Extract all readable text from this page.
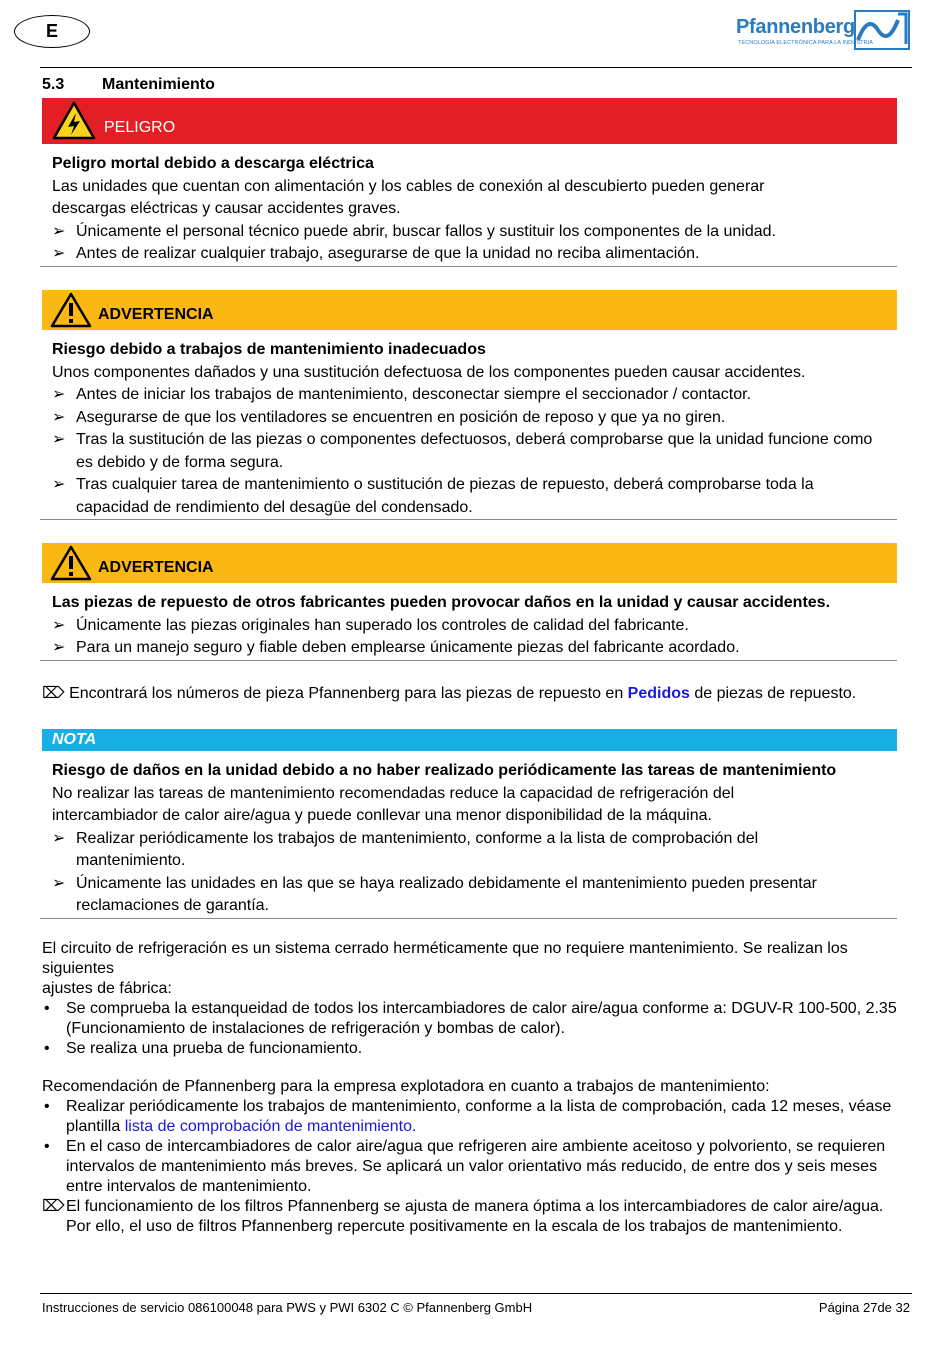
E	Pfannenberg
TECNOLOGÍA ELECTRÓNICA PARA LA INDUSTRIA
5.3 Mantenimiento
PELIGRO
Peligro mortal debido a descarga eléctrica
Las unidades que cuentan con alimentación y los cables de conexión al descubierto pueden generar descargas eléctricas y causar accidentes graves.
➢ Únicamente el personal técnico puede abrir, buscar fallos y sustituir los componentes de la unidad.
➢ Antes de realizar cualquier trabajo, asegurarse de que la unidad no reciba alimentación.
ADVERTENCIA
Riesgo debido a trabajos de mantenimiento inadecuados
Unos componentes dañados y una sustitución defectuosa de los componentes pueden causar accidentes.
➢ Antes de iniciar los trabajos de mantenimiento, desconectar siempre el seccionador / contactor.
➢ Asegurarse de que los ventiladores se encuentren en posición de reposo y que ya no giren.
➢ Tras la sustitución de las piezas o componentes defectuosos, deberá comprobarse que la unidad funcione como es debido y de forma segura.
➢ Tras cualquier tarea de mantenimiento o sustitución de piezas de repuesto, deberá comprobarse toda la capacidad de rendimiento del desagüe del condensado.
ADVERTENCIA
Las piezas de repuesto de otros fabricantes pueden provocar daños en la unidad y causar accidentes.
➢ Únicamente las piezas originales han superado los controles de calidad del fabricante.
➢ Para un manejo seguro y fiable deben emplearse únicamente piezas del fabricante acordado.
⌦ Encontrará los números de pieza Pfannenberg para las piezas de repuesto en Pedidos de piezas de repuesto.
NOTA
Riesgo de daños en la unidad debido a no haber realizado periódicamente las tareas de mantenimiento
No realizar las tareas de mantenimiento recomendadas reduce la capacidad de refrigeración del intercambiador de calor aire/agua y puede conllevar una menor disponibilidad de la máquina.
➢ Realizar periódicamente los trabajos de mantenimiento, conforme a la lista de comprobación del mantenimiento.
➢ Únicamente las unidades en las que se haya realizado debidamente el mantenimiento pueden presentar reclamaciones de garantía.
El circuito de refrigeración es un sistema cerrado herméticamente que no requiere mantenimiento. Se realizan los siguientes
ajustes de fábrica:
• Se comprueba la estanqueidad de todos los intercambiadores de calor aire/agua conforme a: DGUV-R 100-500, 2.35 (Funcionamiento de instalaciones de refrigeración y bombas de calor).
• Se realiza una prueba de funcionamiento.
Recomendación de Pfannenberg para la empresa explotadora en cuanto a trabajos de mantenimiento:
• Realizar periódicamente los trabajos de mantenimiento, conforme a la lista de comprobación, cada 12 meses, véase plantilla lista de comprobación de mantenimiento.
• En el caso de intercambiadores de calor aire/agua que refrigeren aire ambiente aceitoso y polvoriento, se requieren intervalos de mantenimiento más breves. Se aplicará un valor orientativo más reducido, de entre dos y seis meses entre intervalos de mantenimiento.
⌦ El funcionamiento de los filtros Pfannenberg se ajusta de manera óptima a los intercambiadores de calor aire/agua. Por ello, el uso de filtros Pfannenberg repercute positivamente en la escala de los trabajos de mantenimiento.
Instrucciones de servicio 086100048 para PWS y PWI 6302 C © Pfannenberg GmbH	Página 27de 32
